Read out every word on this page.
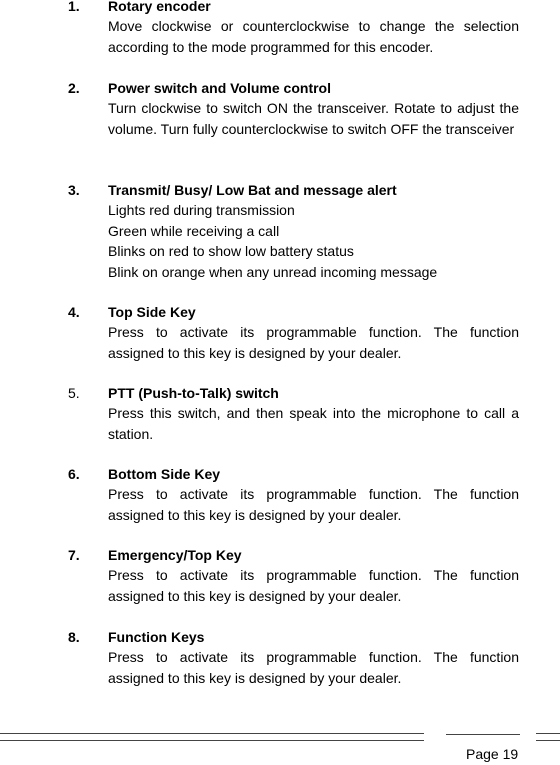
1. Rotary encoder
Move clockwise or counterclockwise to change the selection according to the mode programmed for this encoder.
2. Power switch and Volume control
Turn clockwise to switch ON the transceiver. Rotate to adjust the volume. Turn fully counterclockwise to switch OFF the transceiver
3. Transmit/ Busy/ Low Bat and message alert
Lights red during transmission
Green while receiving a call
Blinks on red to show low battery status
Blink on orange when any unread incoming message
4. Top Side Key
Press to activate its programmable function. The function assigned to this key is designed by your dealer.
5. PTT (Push-to-Talk) switch
Press this switch, and then speak into the microphone to call a station.
6. Bottom Side Key
Press to activate its programmable function. The function assigned to this key is designed by your dealer.
7. Emergency/Top Key
Press to activate its programmable function. The function assigned to this key is designed by your dealer.
8. Function Keys
Press to activate its programmable function. The function assigned to this key is designed by your dealer.
Page 19
